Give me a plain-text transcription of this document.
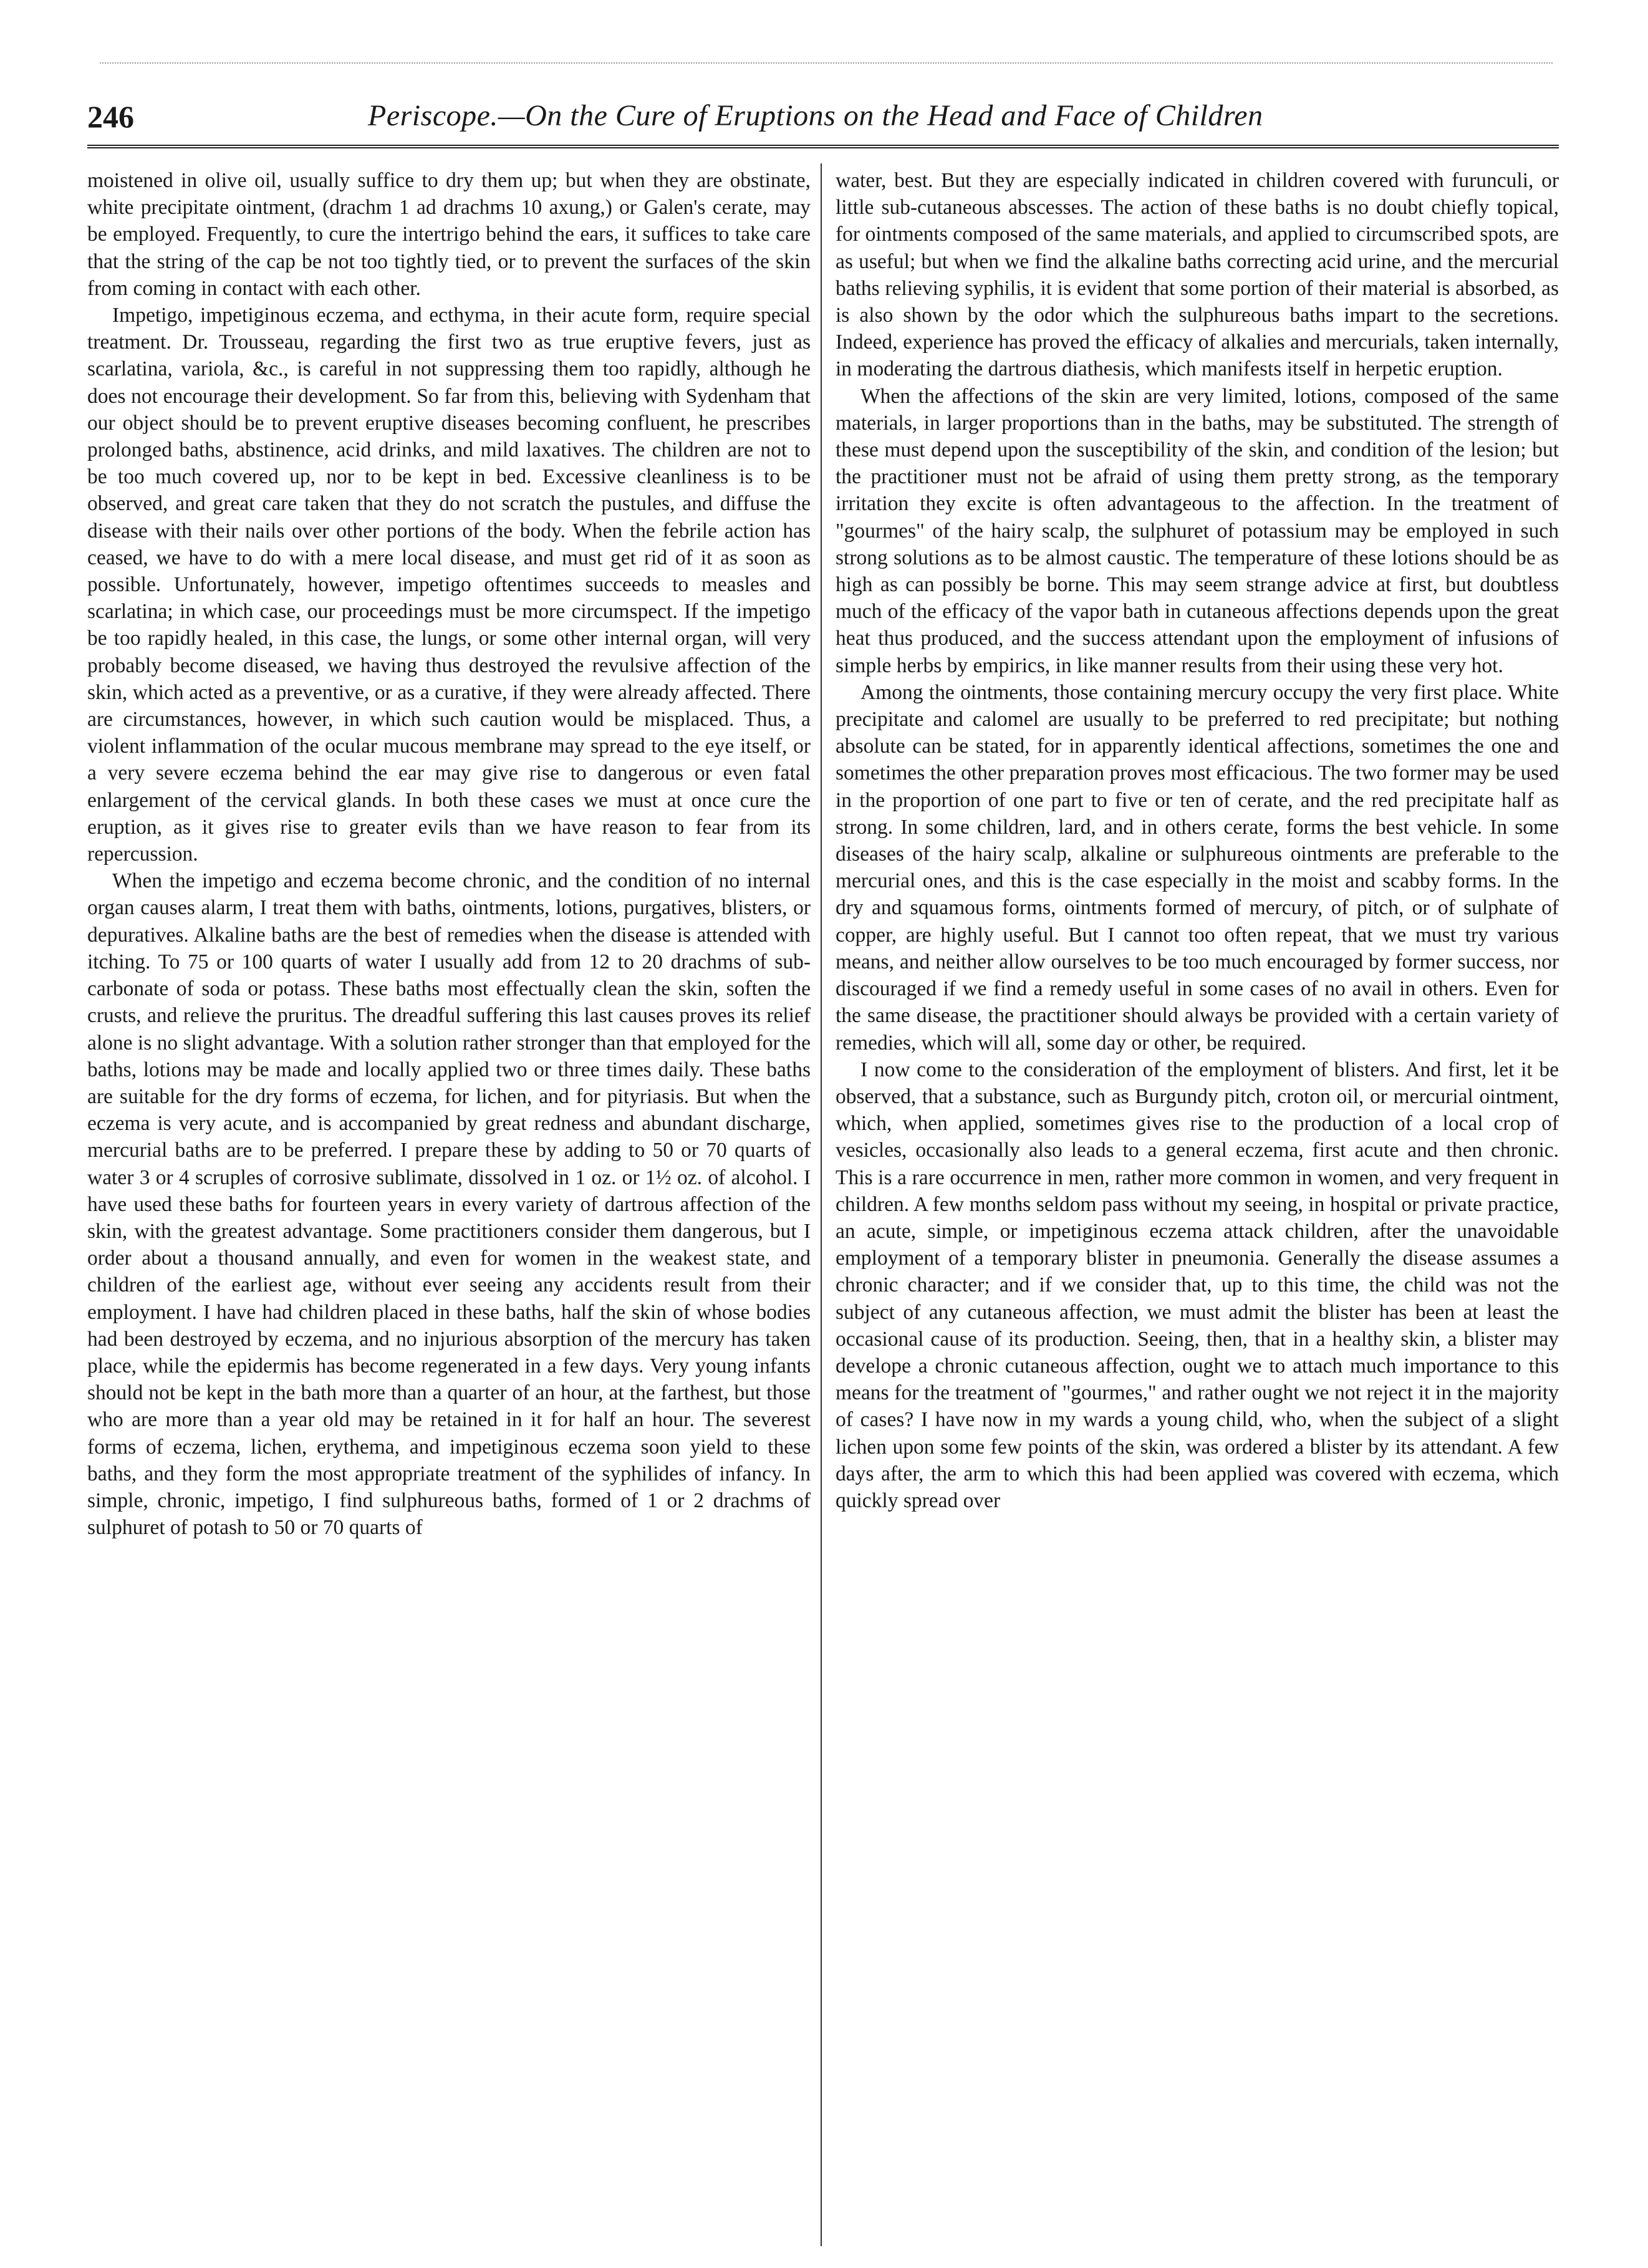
246	Periscope.—On the Cure of Eruptions on the Head and Face of Children

moistened in olive oil, usually suffice to dry them up; but when they are obstinate, white precipitate ointment, (drachm 1 ad drachms 10 axung,) or Galen's cerate, may be employed. Frequently, to cure the intertrigo behind the ears, it suffices to take care that the string of the cap be not too tightly tied, or to prevent the surfaces of the skin from coming in contact with each other.

Impetigo, impetiginous eczema, and ecthyma, in their acute form, require special treatment. Dr. Trousseau, regarding the first two as true eruptive fevers, just as scarlatina, variola, &c., is careful in not suppressing them too rapidly, although he does not encourage their development. So far from this, believing with Sydenham that our object should be to prevent eruptive diseases becoming confluent, he prescribes prolonged baths, abstinence, acid drinks, and mild laxatives. The children are not to be too much covered up, nor to be kept in bed. Excessive cleanliness is to be observed, and great care taken that they do not scratch the pustules, and diffuse the disease with their nails over other portions of the body. When the febrile action has ceased, we have to do with a mere local disease, and must get rid of it as soon as possible. Unfortunately, however, impetigo oftentimes succeeds to measles and scarlatina; in which case, our proceedings must be more circumspect. If the impetigo be too rapidly healed, in this case, the lungs, or some other internal organ, will very probably become diseased, we having thus destroyed the revulsive affection of the skin, which acted as a preventive, or as a curative, if they were already affected. There are circumstances, however, in which such caution would be misplaced. Thus, a violent inflammation of the ocular mucous membrane may spread to the eye itself, or a very severe eczema behind the ear may give rise to dangerous or even fatal enlargement of the cervical glands. In both these cases we must at once cure the eruption, as it gives rise to greater evils than we have reason to fear from its repercussion.

When the impetigo and eczema become chronic, and the condition of no internal organ causes alarm, I treat them with baths, ointments, lotions, purgatives, blisters, or depuratives. Alkaline baths are the best of remedies when the disease is attended with itching. To 75 or 100 quarts of water I usually add from 12 to 20 drachms of sub-carbonate of soda or potass. These baths most effectually clean the skin, soften the crusts, and relieve the pruritus. The dreadful suffering this last causes proves its relief alone is no slight advantage. With a solution rather stronger than that employed for the baths, lotions may be made and locally applied two or three times daily. These baths are suitable for the dry forms of eczema, for lichen, and for pityriasis. But when the eczema is very acute, and is accompanied by great redness and abundant discharge, mercurial baths are to be preferred. I prepare these by adding to 50 or 70 quarts of water 3 or 4 scruples of corrosive sublimate, dissolved in 1 oz. or 1½ oz. of alcohol. I have used these baths for fourteen years in every variety of dartrous affection of the skin, with the greatest advantage. Some practitioners consider them dangerous, but I order about a thousand annually, and even for women in the weakest state, and children of the earliest age, without ever seeing any accidents result from their employment. I have had children placed in these baths, half the skin of whose bodies had been destroyed by eczema, and no injurious absorption of the mercury has taken place, while the epidermis has become regenerated in a few days. Very young infants should not be kept in the bath more than a quarter of an hour, at the farthest, but those who are more than a year old may be retained in it for half an hour. The severest forms of eczema, lichen, erythema, and impetiginous eczema soon yield to these baths, and they form the most appropriate treatment of the syphilides of infancy. In simple, chronic, impetigo, I find sulphureous baths, formed of 1 or 2 drachms of sulphuret of potash to 50 or 70 quarts of

water, best. But they are especially indicated in children covered with furunculi, or little sub-cutaneous abscesses. The action of these baths is no doubt chiefly topical, for ointments composed of the same materials, and applied to circumscribed spots, are as useful; but when we find the alkaline baths correcting acid urine, and the mercurial baths relieving syphilis, it is evident that some portion of their material is absorbed, as is also shown by the odor which the sulphureous baths impart to the secretions. Indeed, experience has proved the efficacy of alkalies and mercurials, taken internally, in moderating the dartrous diathesis, which manifests itself in herpetic eruption.

When the affections of the skin are very limited, lotions, composed of the same materials, in larger proportions than in the baths, may be substituted. The strength of these must depend upon the susceptibility of the skin, and condition of the lesion; but the practitioner must not be afraid of using them pretty strong, as the temporary irritation they excite is often advantageous to the affection. In the treatment of "gourmes" of the hairy scalp, the sulphuret of potassium may be employed in such strong solutions as to be almost caustic. The temperature of these lotions should be as high as can possibly be borne. This may seem strange advice at first, but doubtless much of the efficacy of the vapor bath in cutaneous affections depends upon the great heat thus produced, and the success attendant upon the employment of infusions of simple herbs by empirics, in like manner results from their using these very hot.

Among the ointments, those containing mercury occupy the very first place. White precipitate and calomel are usually to be preferred to red precipitate; but nothing absolute can be stated, for in apparently identical affections, sometimes the one and sometimes the other preparation proves most efficacious. The two former may be used in the proportion of one part to five or ten of cerate, and the red precipitate half as strong. In some children, lard, and in others cerate, forms the best vehicle. In some diseases of the hairy scalp, alkaline or sulphureous ointments are preferable to the mercurial ones, and this is the case especially in the moist and scabby forms. In the dry and squamous forms, ointments formed of mercury, of pitch, or of sulphate of copper, are highly useful. But I cannot too often repeat, that we must try various means, and neither allow ourselves to be too much encouraged by former success, nor discouraged if we find a remedy useful in some cases of no avail in others. Even for the same disease, the practitioner should always be provided with a certain variety of remedies, which will all, some day or other, be required.

I now come to the consideration of the employment of blisters. And first, let it be observed, that a substance, such as Burgundy pitch, croton oil, or mercurial ointment, which, when applied, sometimes gives rise to the production of a local crop of vesicles, occasionally also leads to a general eczema, first acute and then chronic. This is a rare occurrence in men, rather more common in women, and very frequent in children. A few months seldom pass without my seeing, in hospital or private practice, an acute, simple, or impetiginous eczema attack children, after the unavoidable employment of a temporary blister in pneumonia. Generally the disease assumes a chronic character; and if we consider that, up to this time, the child was not the subject of any cutaneous affection, we must admit the blister has been at least the occasional cause of its production. Seeing, then, that in a healthy skin, a blister may develope a chronic cutaneous affection, ought we to attach much importance to this means for the treatment of "gourmes," and rather ought we not reject it in the majority of cases? I have now in my wards a young child, who, when the subject of a slight lichen upon some few points of the skin, was ordered a blister by its attendant. A few days after, the arm to which this had been applied was covered with eczema, which quickly spread over
